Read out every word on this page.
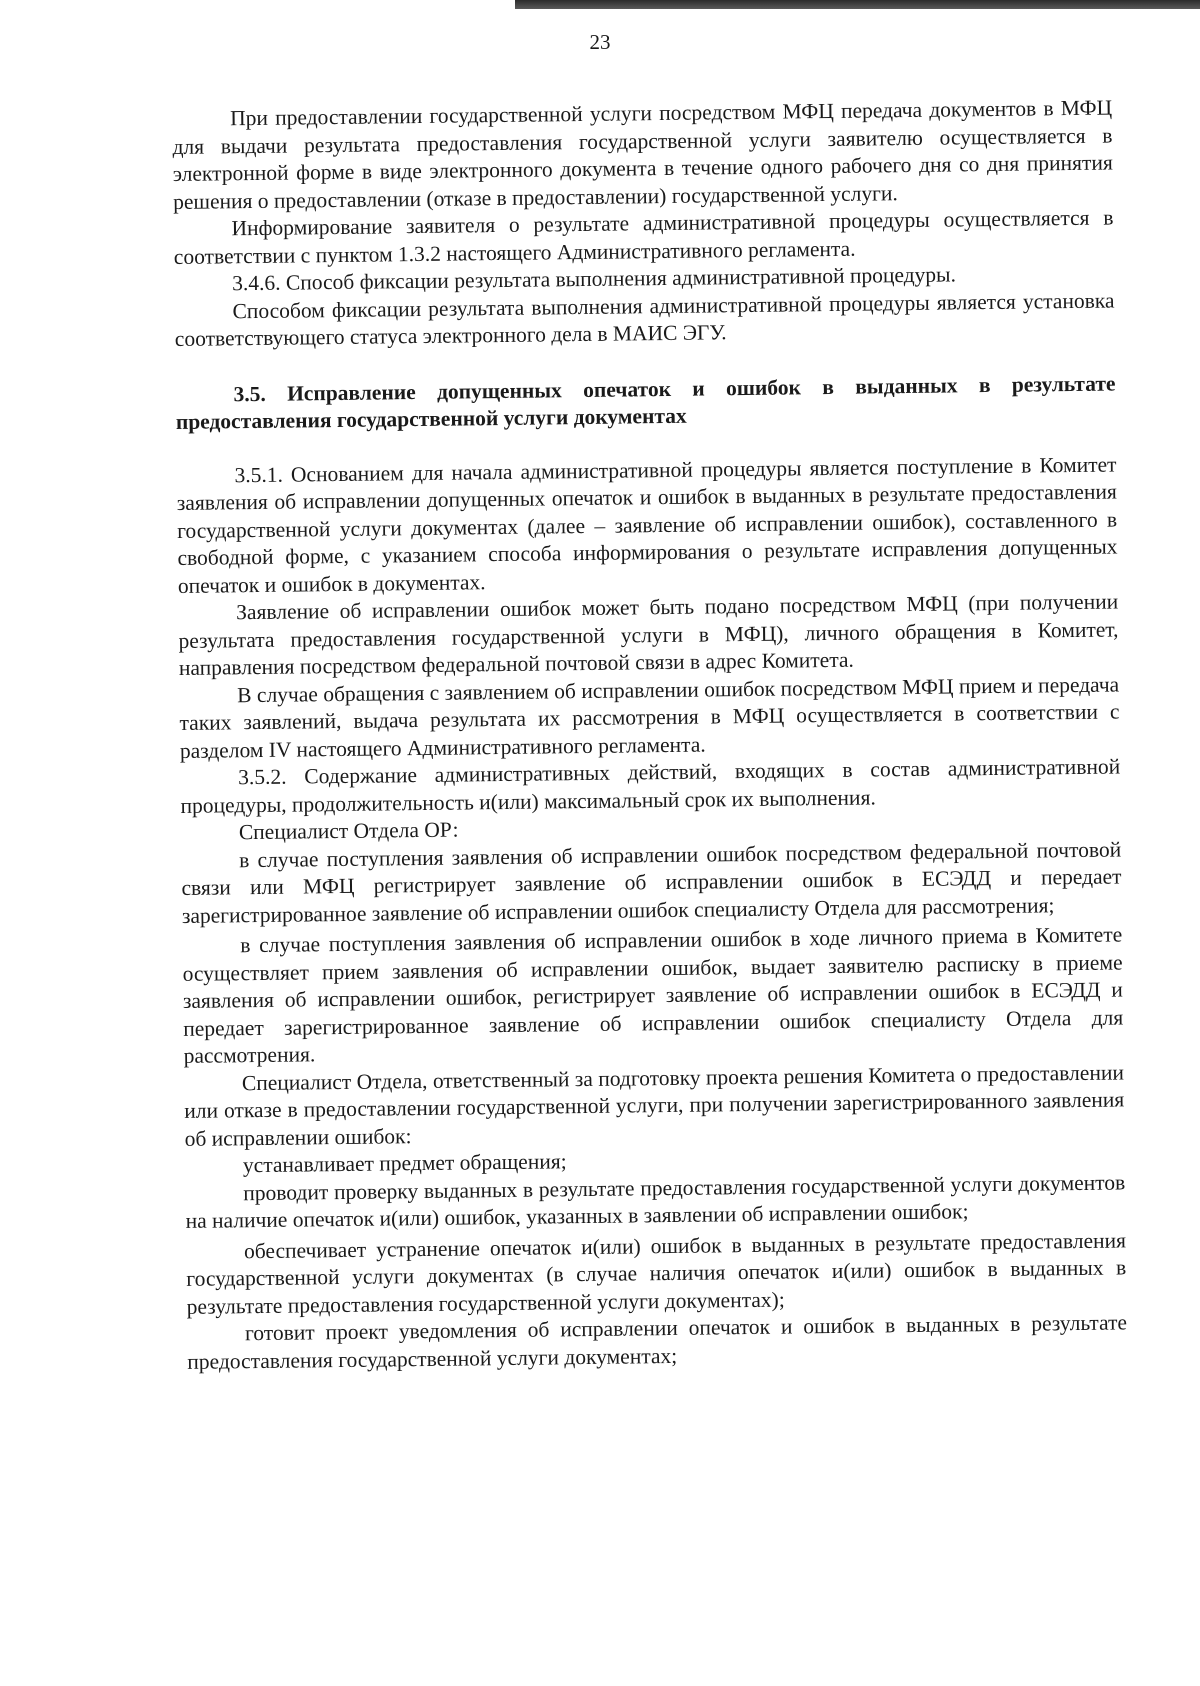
23

При предоставлении государственной услуги посредством МФЦ передача документов в МФЦ для выдачи результата предоставления государственной услуги заявителю осуществляется в электронной форме в виде электронного документа в течение одного рабочего дня со дня принятия решения о предоставлении (отказе в предоставлении) государственной услуги.

Информирование заявителя о результате административной процедуры осуществляется в соответствии с пунктом 1.3.2 настоящего Административного регламента.

3.4.6. Способ фиксации результата выполнения административной процедуры.

Способом фиксации результата выполнения административной процедуры является установка соответствующего статуса электронного дела в МАИС ЭГУ.

3.5. Исправление допущенных опечаток и ошибок в выданных в результате предоставления государственной услуги документах

3.5.1. Основанием для начала административной процедуры является поступление в Комитет заявления об исправлении допущенных опечаток и ошибок в выданных в результате предоставления государственной услуги документах (далее – заявление об исправлении ошибок), составленного в свободной форме, с указанием способа информирования о результате исправления допущенных опечаток и ошибок в документах.

Заявление об исправлении ошибок может быть подано посредством МФЦ (при получении результата предоставления государственной услуги в МФЦ), личного обращения в Комитет, направления посредством федеральной почтовой связи в адрес Комитета.

В случае обращения с заявлением об исправлении ошибок посредством МФЦ прием и передача таких заявлений, выдача результата их рассмотрения в МФЦ осуществляется в соответствии с разделом IV настоящего Административного регламента.

3.5.2. Содержание административных действий, входящих в состав административной процедуры, продолжительность и(или) максимальный срок их выполнения.

Специалист Отдела ОР:

в случае поступления заявления об исправлении ошибок посредством федеральной почтовой связи или МФЦ регистрирует заявление об исправлении ошибок в ЕСЭДД и передает зарегистрированное заявление об исправлении ошибок специалисту Отдела для рассмотрения;

в случае поступления заявления об исправлении ошибок в ходе личного приема в Комитете осуществляет прием заявления об исправлении ошибок, выдает заявителю расписку в приеме заявления об исправлении ошибок, регистрирует заявление об исправлении ошибок в ЕСЭДД и передает зарегистрированное заявление об исправлении ошибок специалисту Отдела для рассмотрения.

Специалист Отдела, ответственный за подготовку проекта решения Комитета о предоставлении или отказе в предоставлении государственной услуги, при получении зарегистрированного заявления об исправлении ошибок:

устанавливает предмет обращения;

проводит проверку выданных в результате предоставления государственной услуги документов на наличие опечаток и(или) ошибок, указанных в заявлении об исправлении ошибок;

обеспечивает устранение опечаток и(или) ошибок в выданных в результате предоставления государственной услуги документах (в случае наличия опечаток и(или) ошибок в выданных в результате предоставления государственной услуги документах);

готовит проект уведомления об исправлении опечаток и ошибок в выданных в результате предоставления государственной услуги документах;
